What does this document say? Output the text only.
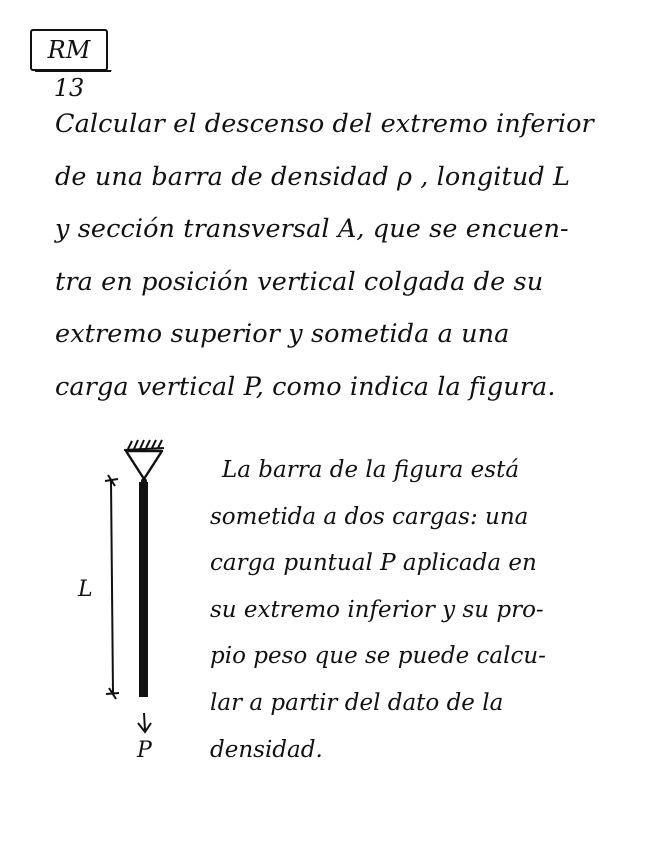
RM 13
Calcular el descenso del extremo inferior
de una barra de densidad ρ , longitud L
y sección transversal A, que se encuen-
tra en posición vertical colgada de su
extremo superior y sometida a una
carga vertical P, como indica la figura.
L
P
La barra de la figura está
sometida a dos cargas: una
carga puntual P aplicada en
su extremo inferior y su pro-
pio peso que se puede calcu-
lar a partir del dato de la
densidad.
